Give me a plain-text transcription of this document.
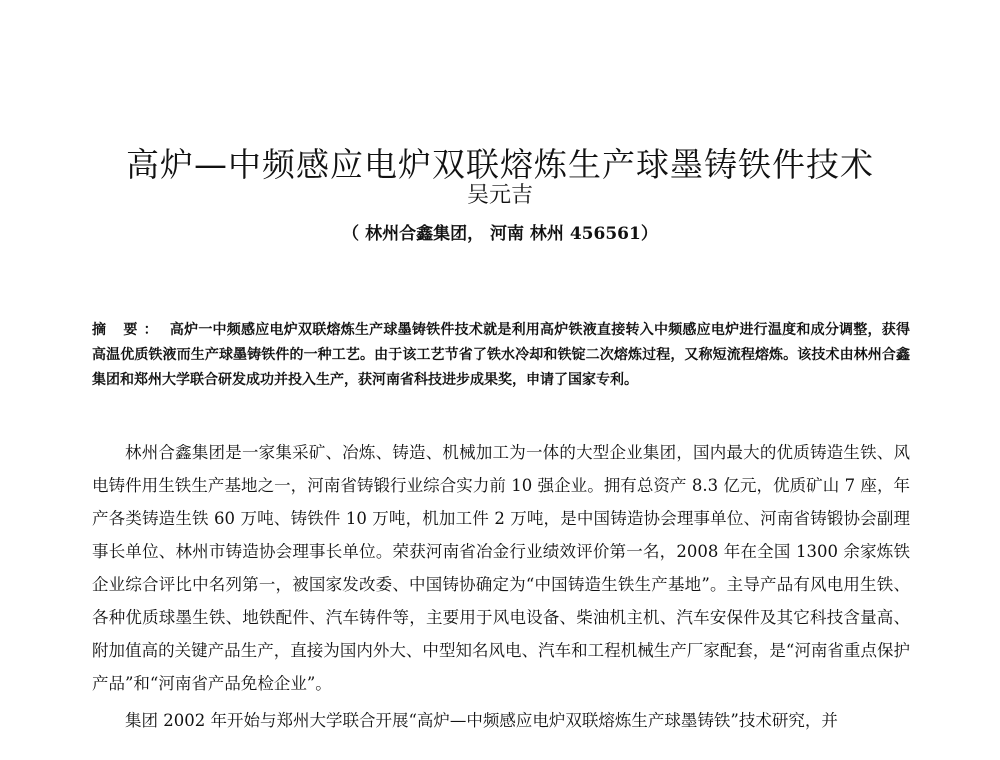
高炉—中频感应电炉双联熔炼生产球墨铸铁件技术
吴元吉
（ 林州合鑫集团， 河南 林州 456561）
摘 要： 高炉一中频感应电炉双联熔炼生产球墨铸铁件技术就是利用高炉铁液直接转入中频感应电炉进行温度和成分调整，获得高温优质铁液而生产球墨铸铁件的一种工艺。由于该工艺节省了铁水冷却和铁锭二次熔炼过程，又称短流程熔炼。该技术由林州合鑫集团和郑州大学联合研发成功并投入生产，获河南省科技进步成果奖，申请了国家专利。

林州合鑫集团是一家集采矿、冶炼、铸造、机械加工为一体的大型企业集团，国内最大的优质铸造生铁、风电铸件用生铁生产基地之一，河南省铸锻行业综合实力前 10 强企业。拥有总资产 8.3 亿元，优质矿山 7 座，年产各类铸造生铁 60 万吨、铸铁件 10 万吨，机加工件 2 万吨，是中国铸造协会理事单位、河南省铸锻协会副理事长单位、林州市铸造协会理事长单位。荣获河南省冶金行业绩效评价第一名，2008 年在全国 1300 余家炼铁企业综合评比中名列第一，被国家发改委、中国铸协确定为“中国铸造生铁生产基地”。主导产品有风电用生铁、各种优质球墨生铁、地铁配件、汽车铸件等，主要用于风电设备、柴油机主机、汽车安保件及其它科技含量高、附加值高的关键产品生产，直接为国内外大、中型知名风电、汽车和工程机械生产厂家配套，是“河南省重点保护产品”和“河南省产品免检企业”。

集团 2002 年开始与郑州大学联合开展“高炉—中频感应电炉双联熔炼生产球墨铸铁”技术研究，并
